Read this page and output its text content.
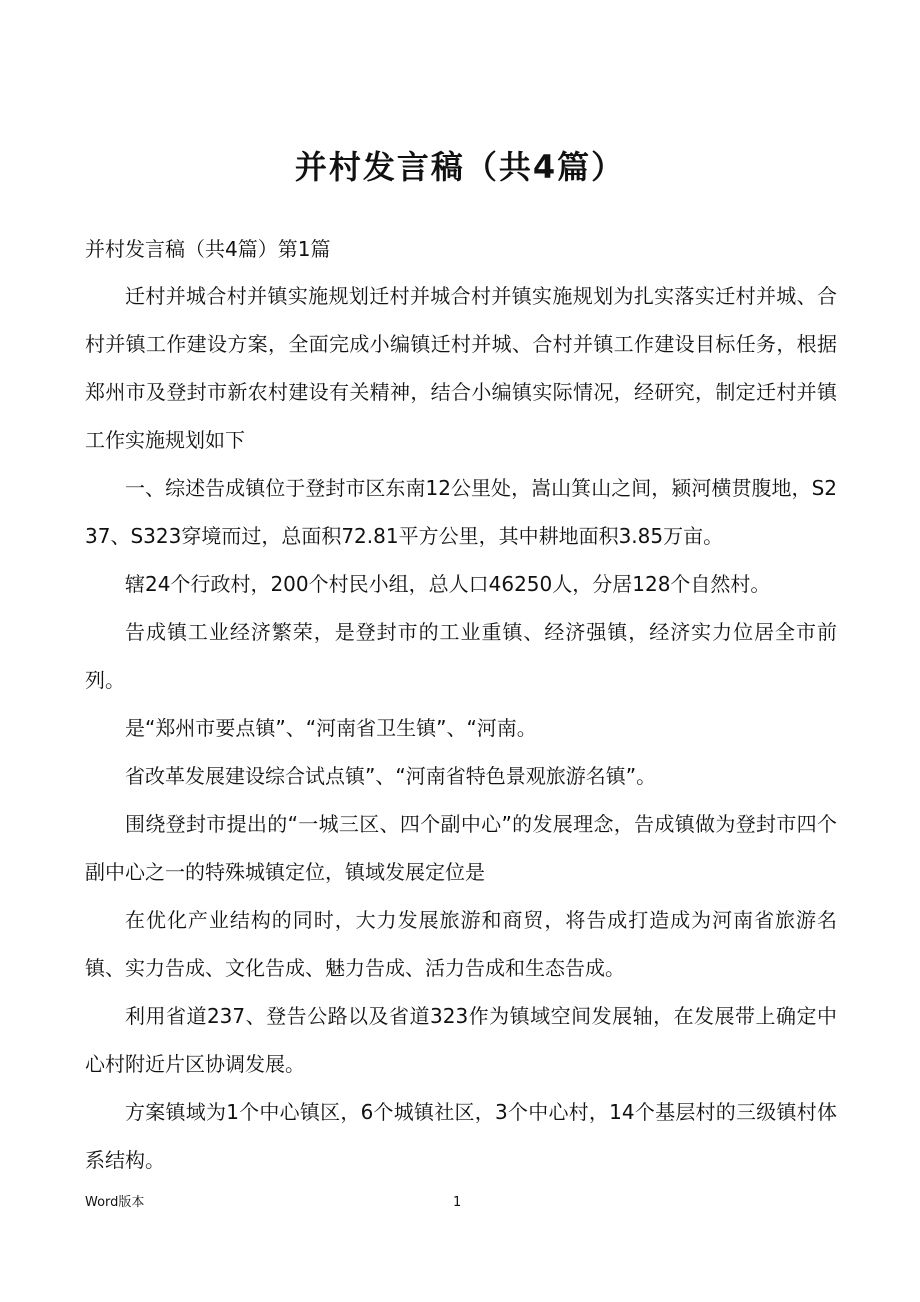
并村发言稿（共4篇）

并村发言稿（共4篇）第1篇

迁村并城合村并镇实施规划迁村并城合村并镇实施规划为扎实落实迁村并城、合村并镇工作建设方案，全面完成小编镇迁村并城、合村并镇工作建设目标任务，根据郑州市及登封市新农村建设有关精神，结合小编镇实际情况，经研究，制定迁村并镇工作实施规划如下

一、综述告成镇位于登封市区东南12公里处，嵩山箕山之间，颍河横贯腹地，S237、S323穿境而过，总面积72.81平方公里，其中耕地面积3.85万亩。

辖24个行政村，200个村民小组，总人口46250人，分居128个自然村。

告成镇工业经济繁荣，是登封市的工业重镇、经济强镇，经济实力位居全市前列。

是“郑州市要点镇”、“河南省卫生镇”、“河南。

省改革发展建设综合试点镇”、“河南省特色景观旅游名镇”。

围绕登封市提出的“一城三区、四个副中心”的发展理念，告成镇做为登封市四个副中心之一的特殊城镇定位，镇域发展定位是

在优化产业结构的同时，大力发展旅游和商贸，将告成打造成为河南省旅游名镇、实力告成、文化告成、魅力告成、活力告成和生态告成。

利用省道237、登告公路以及省道323作为镇域空间发展轴，在发展带上确定中心村附近片区协调发展。

方案镇域为1个中心镇区，6个城镇社区，3个中心村，14个基层村的三级镇村体系结构。

Word版本	1
